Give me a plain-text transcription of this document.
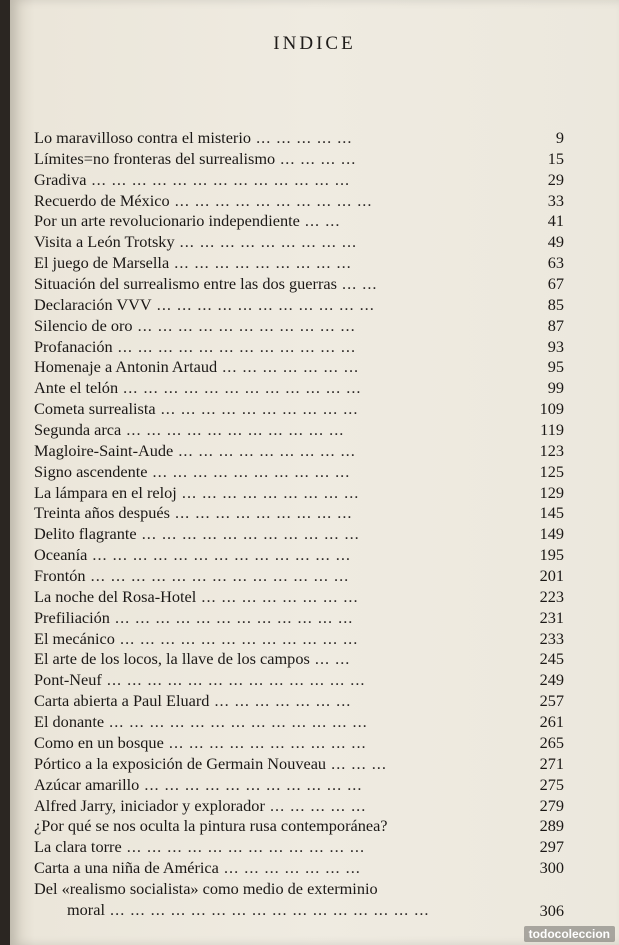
INDICE
Lo maravilloso contra el misterio ... ... ... ... ...	9
Límites=no fronteras del surrealismo ... ... ... ...	15
Gradiva ... ... ... ... ... ... ... ... ... ... ... ... ...	29
Recuerdo de México ... ... ... ... ... ... ... ... ... ...	33
Por un arte revolucionario independiente ... ...	41
Visita a León Trotsky ... ... ... ... ... ... ... ... ...	49
El juego de Marsella ... ... ... ... ... ... ... ... ...	63
Situación del surrealismo entre las dos guerras ... ...	67
Declaración VVV ... ... ... ... ... ... ... ... ... ... ...	85
Silencio de oro ... ... ... ... ... ... ... ... ... ... ...	87
Profanación ... ... ... ... ... ... ... ... ... ... ... ...	93
Homenaje a Antonin Artaud ... ... ... ... ... ... ...	95
Ante el telón ... ... ... ... ... ... ... ... ... ... ... ...	99
Cometa surrealista ... ... ... ... ... ... ... ... ... ...	109
Segunda arca ... ... ... ... ... ... ... ... ... ... ...	119
Magloire-Saint-Aude ... ... ... ... ... ... ... ... ...	123
Signo ascendente ... ... ... ... ... ... ... ... ... ...	125
La lámpara en el reloj ... ... ... ... ... ... ... ... ...	129
Treinta años después ... ... ... ... ... ... ... ... ...	145
Delito flagrante ... ... ... ... ... ... ... ... ... ... ...	149
Oceanía ... ... ... ... ... ... ... ... ... ... ... ... ...	195
Frontón ... ... ... ... ... ... ... ... ... ... ... ... ...	201
La noche del Rosa-Hotel ... ... ... ... ... ... ... ...	223
Prefiliación ... ... ... ... ... ... ... ... ... ... ... ...	231
El mecánico ... ... ... ... ... ... ... ... ... ... ... ...	233
El arte de los locos, la llave de los campos ... ...	245
Pont-Neuf ... ... ... ... ... ... ... ... ... ... ... ... ...	249
Carta abierta a Paul Eluard ... ... ... ... ... ... ...	257
El donante ... ... ... ... ... ... ... ... ... ... ... ... ...	261
Como en un bosque ... ... ... ... ... ... ... ... ... ...	265
Pórtico a la exposición de Germain Nouveau ... ... ...	271
Azúcar amarillo ... ... ... ... ... ... ... ... ... ... ...	275
Alfred Jarry, iniciador y explorador ... ... ... ... ...	279
¿Por qué se nos oculta la pintura rusa contemporánea?	289
La clara torre ... ... ... ... ... ... ... ... ... ... ... ...	297
Carta a una niña de América ... ... ... ... ... ... ...	300
Del «realismo socialista» como medio de exterminio
moral ... ... ... ... ... ... ... ... ... ... ... ... ... ... ... ...	306
todocoleccion
